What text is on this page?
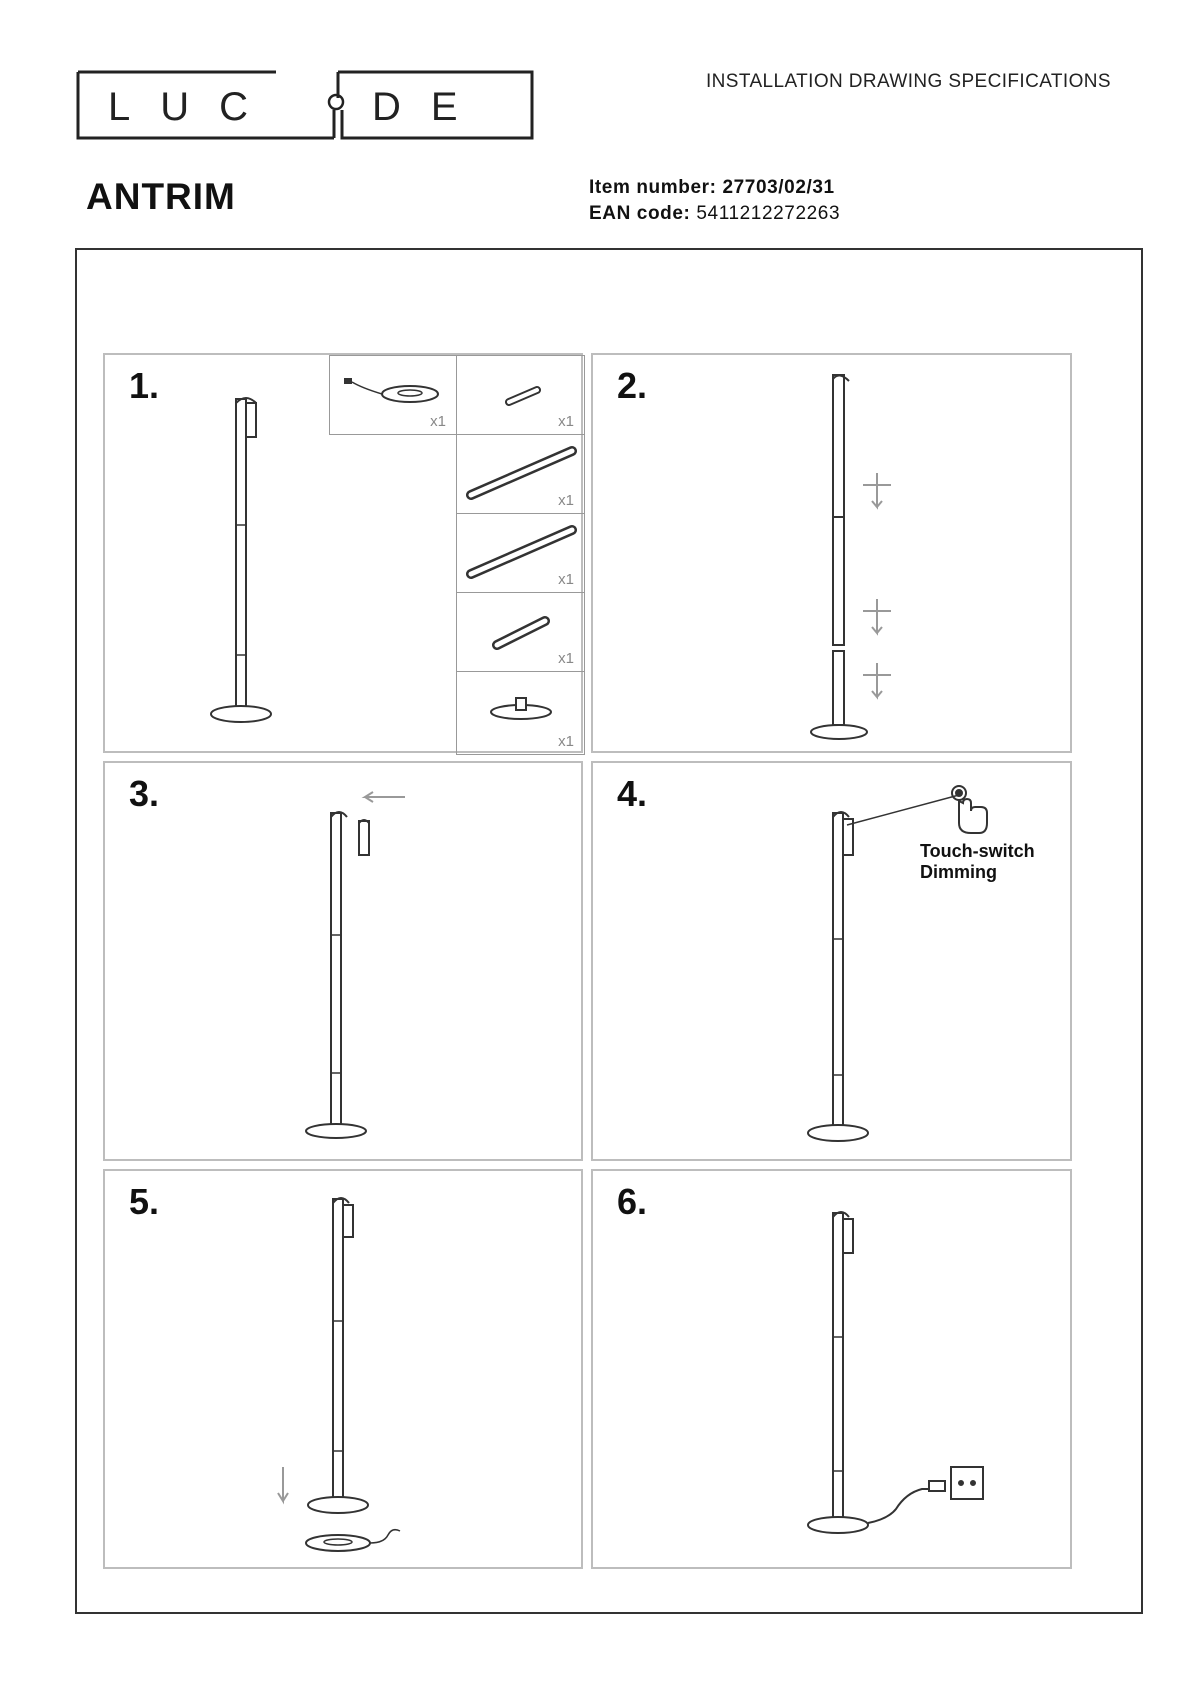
LUC DE
INSTALLATION DRAWING SPECIFICATIONS
ANTRIM	Item number: 27703/02/31
EAN code: 5411212272263
1.
x1	x1
x1
x1
x1
x1
2.
3.	4.
Touch-switch
Dimming
5.	6.
